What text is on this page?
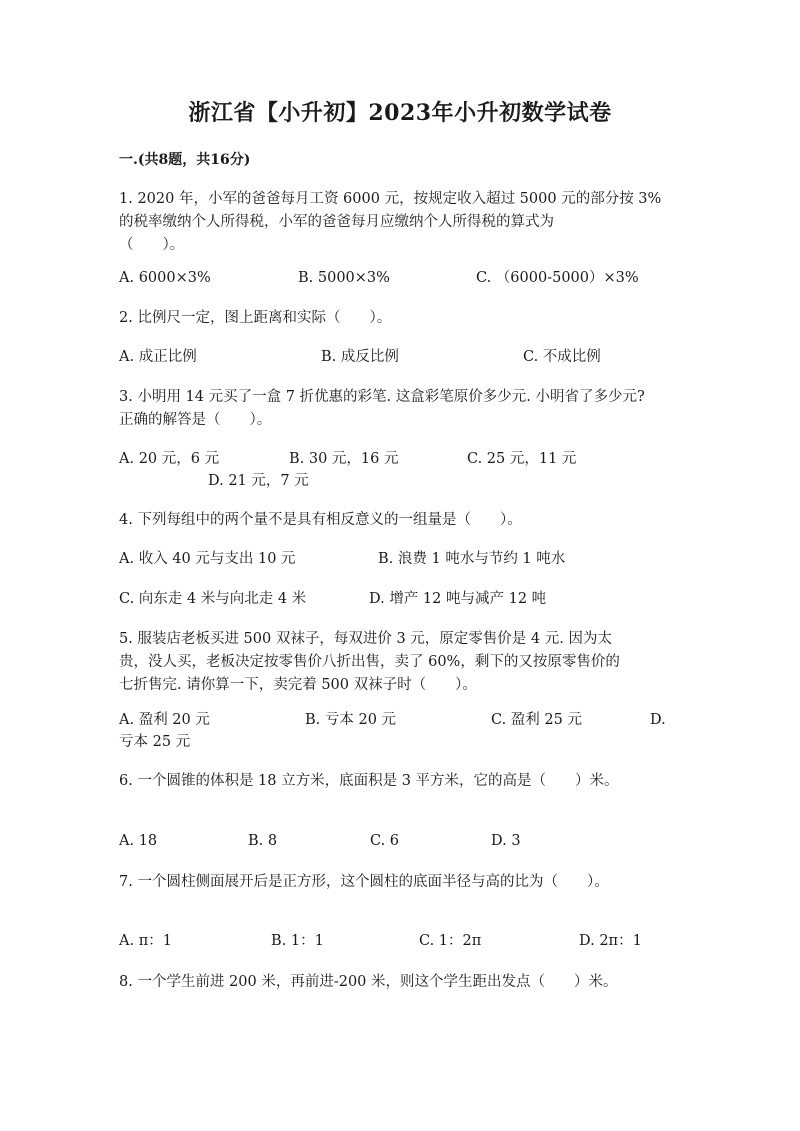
浙江省【小升初】2023年小升初数学试卷
一.(共8题，共16分)
1. 2020 年，小军的爸爸每月工资 6000 元，按规定收入超过 5000 元的部分按 3%
的税率缴纳个人所得税，小军的爸爸每月应缴纳个人所得税的算式为
（　　）。
A. 6000×3%	B. 5000×3%	C. （6000-5000）×3%
2. 比例尺一定，图上距离和实际（　　）。
A. 成正比例	B. 成反比例	C. 不成比例
3. 小明用 14 元买了一盒 7 折优惠的彩笔. 这盒彩笔原价多少元. 小明省了多少元?
正确的解答是（　　）。
A. 20 元，6 元	B. 30 元，16 元	C. 25 元，11 元
D. 21 元，7 元
4. 下列每组中的两个量不是具有相反意义的一组量是（　　）。
A. 收入 40 元与支出 10 元	B. 浪费 1 吨水与节约 1 吨水
C. 向东走 4 米与向北走 4 米	D. 增产 12 吨与减产 12 吨
5. 服装店老板买进 500 双袜子，每双进价 3 元，原定零售价是 4 元. 因为太
贵，没人买，老板决定按零售价八折出售，卖了 60%，剩下的又按原零售价的
七折售完. 请你算一下，卖完着 500 双袜子时（　　）。
A. 盈利 20 元	B. 亏本 20 元	C. 盈利 25 元	D.
亏本 25 元
6. 一个圆锥的体积是 18 立方米，底面积是 3 平方米，它的高是（　　）米。
A. 18	B. 8	C. 6	D. 3
7. 一个圆柱侧面展开后是正方形，这个圆柱的底面半径与高的比为（　　）。
A. π：1	B. 1：1	C. 1：2π	D. 2π：1
8. 一个学生前进 200 米，再前进-200 米，则这个学生距出发点（　　）米。
